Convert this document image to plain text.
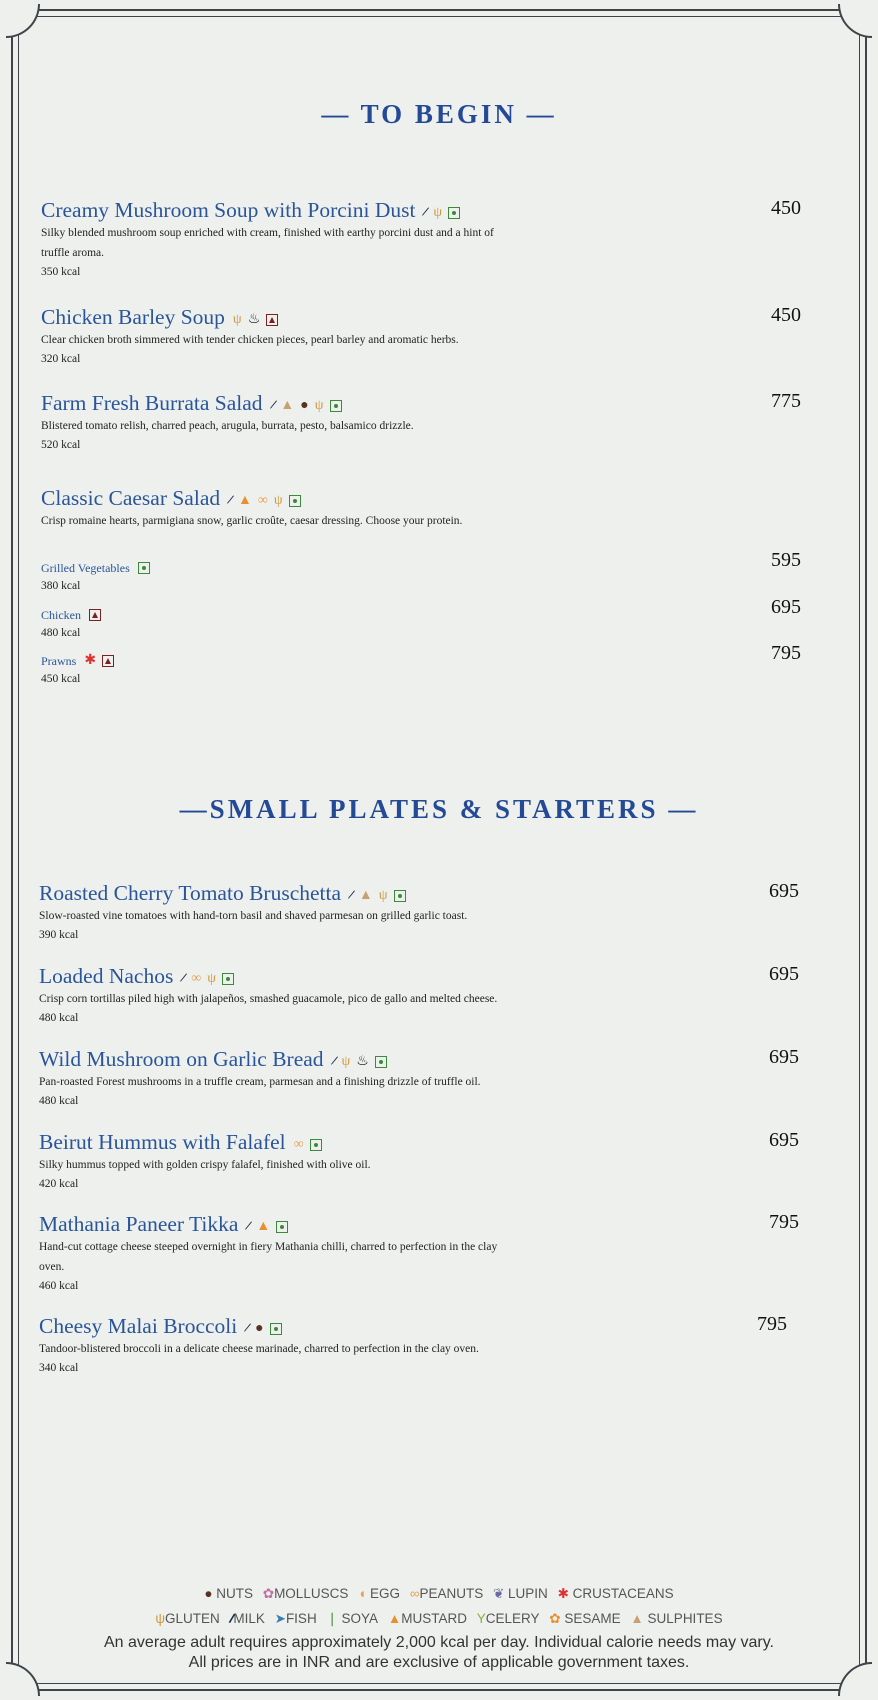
— TO BEGIN —
Creamy Mushroom Soup with Porcini Dust / ψ
Silky blended mushroom soup enriched with cream, finished with earthy porcini dust and a hint of truffle aroma.
350 kcal
450
Chicken Barley Soup ψ ♨
Clear chicken broth simmered with tender chicken pieces, pearl barley and aromatic herbs.
320 kcal
450
Farm Fresh Burrata Salad / ▲ ● ψ
Blistered tomato relish, charred peach, arugula, burrata, pesto, balsamico drizzle.
520 kcal
775
Classic Caesar Salad / ▲ ∞ ψ
Crisp romaine hearts, parmigiana snow, garlic croûte, caesar dressing. Choose your protein.
Grilled Vegetables
380 kcal
595
Chicken
480 kcal
695
Prawns ✱
450 kcal
795
—SMALL PLATES & STARTERS —
Roasted Cherry Tomato Bruschetta / ▲ ψ
Slow-roasted vine tomatoes with hand-torn basil and shaved parmesan on grilled garlic toast.
390 kcal
695
Loaded Nachos / ∞ ψ
Crisp corn tortillas piled high with jalapeños, smashed guacamole, pico de gallo and melted cheese.
480 kcal
695
Wild Mushroom on Garlic Bread / ψ ♨
Pan-roasted Forest mushrooms in a truffle cream, parmesan and a finishing drizzle of truffle oil.
480 kcal
695
Beirut Hummus with Falafel ∞
Silky hummus topped with golden crispy falafel, finished with olive oil.
420 kcal
695
Mathania Paneer Tikka / ▲
Hand-cut cottage cheese steeped overnight in fiery Mathania chilli, charred to perfection in the clay oven.
460 kcal
795
Cheesy Malai Broccoli / ●
Tandoor-blistered broccoli in a delicate cheese marinade, charred to perfection in the clay oven.
340 kcal
795
● NUTS ✿MOLLUSCS ◖ EGG ∞PEANUTS ❦ LUPIN ✱ CRUSTACEANS
ψGLUTEN /MILK ➤FISH ❘ SOYA ▲MUSTARD YCELERY ✿ SESAME ▲ SULPHITES
An average adult requires approximately 2,000 kcal per day. Individual calorie needs may vary.
All prices are in INR and are exclusive of applicable government taxes.
